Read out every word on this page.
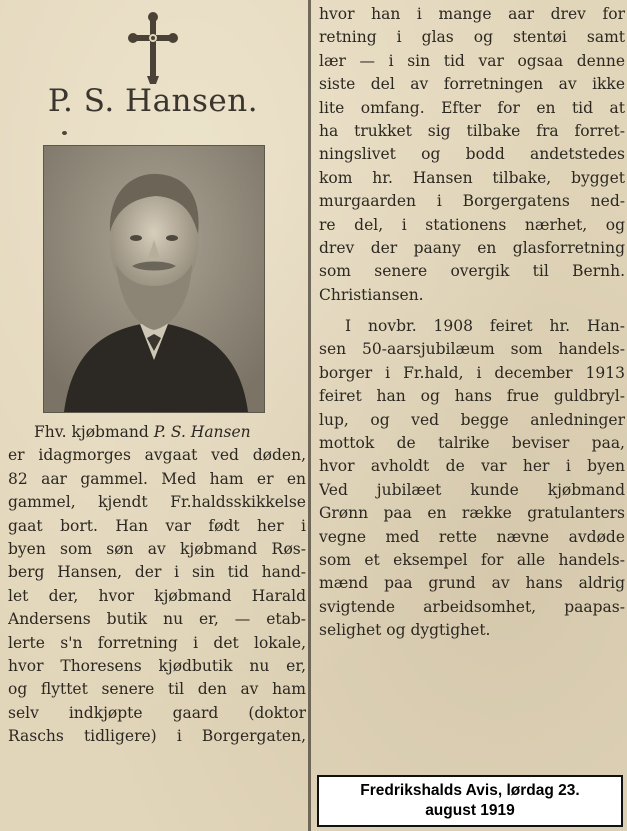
P. S. Hansen.
Fhv. kjøbmand P. S. Hansen
er idagmorges avgaat ved døden,
82 aar gammel. Med ham er en
gammel, kjendt Fr.haldsskikkelse
gaat bort. Han var født her i
byen som søn av kjøbmand Røs-
berg Hansen, der i sin tid hand-
let der, hvor kjøbmand Harald
Andersens butik nu er, — etab-
lerte s'n forretning i det lokale,
hvor Thoresens kjødbutik nu er,
og flyttet senere til den av ham
selv indkjøpte gaard (doktor
Raschs tidligere) i Borgergaten,
hvor han i mange aar drev for
retning i glas og stentøi samt
lær — i sin tid var ogsaa denne
siste del av forretningen av ikke
lite omfang. Efter for en tid at
ha trukket sig tilbake fra forret-
ningslivet og bodd andetstedes
kom hr. Hansen tilbake, bygget
murgaarden i Borgergatens ned-
re del, i stationens nærhet, og
drev der paany en glasforretning
som senere overgik til Bernh.
Christiansen.
I novbr. 1908 feiret hr. Han-
sen 50-aarsjubilæum som handels-
borger i Fr.hald, i december 1913
feiret han og hans frue guldbryl-
lup, og ved begge anledninger
mottok de talrike beviser paa,
hvor avholdt de var her i byen
Ved jubilæet kunde kjøbmand
Grønn paa en række gratulanters
vegne med rette nævne avdøde
som et eksempel for alle handels-
mænd paa grund av hans aldrig
svigtende arbeidsomhet, paapas-
selighet og dygtighet.
Fredrikshalds Avis, lørdag 23.
august 1919
